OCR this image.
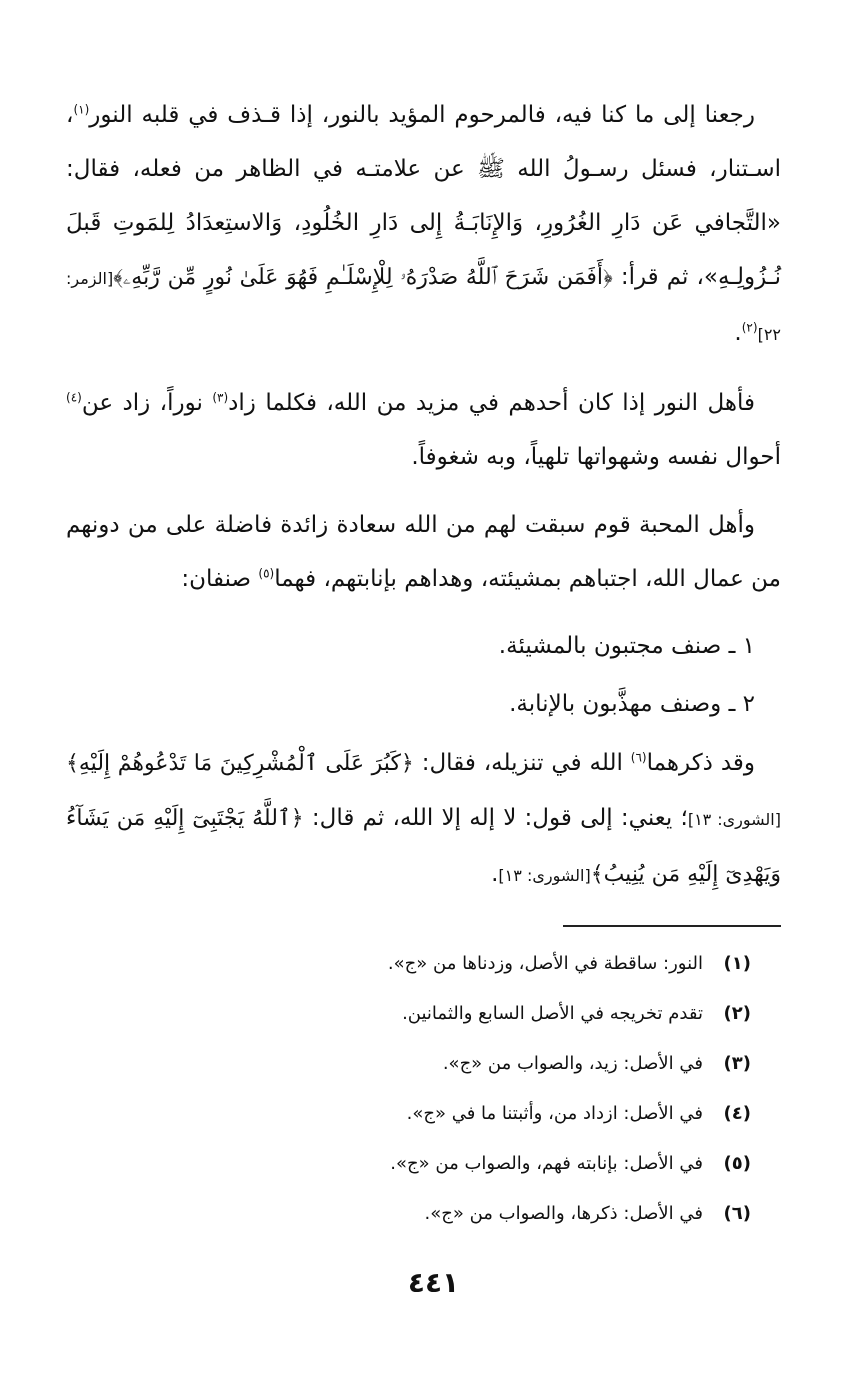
رجعنا إلى ما كنا فيه، فالمرحوم المؤيد بالنور، إذا قـذف في قلبه النور$^{(١)}$، اسـتنار، فسئل رسـولُ الله ﷺ عن علامتـه في الظاهر من فعله، فقال: «التَّجافي عَن دَارِ الغُرُورِ، وَالإِنَابَـةُ إِلى دَارِ الخُلُودِ، وَالاستِعدَادُ لِلمَوتِ قَبلَ نُـزُولِـهِ»، ثم قرأ: ﴿أَفَمَن شَرَحَ ٱللَّهُ صَدْرَهُۥ لِلْإِسْلَـٰمِ فَهُوَ عَلَىٰ نُورٍ مِّن رَّبِّهِۦ﴾[الزمر: ٢٢]$^{(٢)}$.

فأهل النور إذا كان أحدهم في مزيد من الله، فكلما زاد$^{(٣)}$ نوراً، زاد عن$^{(٤)}$ أحوال نفسه وشهواتها تلهياً، وبه شغوفاً.

وأهل المحبة قوم سبقت لهم من الله سعادة زائدة فاضلة على من دونهم من عمال الله، اجتباهم بمشيئته، وهداهم بإنابتهم، فهما$^{(٥)}$ صنفان:

١ ـ صنف مجتبون بالمشيئة.

٢ ـ وصنف مهذَّبون بالإنابة.

وقد ذكرهما$^{(٦)}$ الله في تنزيله، فقال: ﴿كَبُرَ عَلَى ٱلْمُشْرِكِينَ مَا تَدْعُوهُمْ إِلَيْهِ﴾[الشورى: ١٣]؛ يعني: إلى قول: لا إله إلا الله، ثم قال: ﴿ٱللَّهُ يَجْتَبِىٓ إِلَيْهِ مَن يَشَآءُ وَيَهْدِىٓ إِلَيْهِ مَن يُنِيبُ﴾[الشورى: ١٣].

(١)النور: ساقطة في الأصل، وزدناها من «ج».
(٢)تقدم تخريجه في الأصل السابع والثمانين.
(٣)في الأصل: زيد، والصواب من «ج».
(٤)في الأصل: ازداد من، وأثبتنا ما في «ج».
(٥)في الأصل: بإنابته فهم، والصواب من «ج».
(٦)في الأصل: ذكرها، والصواب من «ج».
٤٤١
